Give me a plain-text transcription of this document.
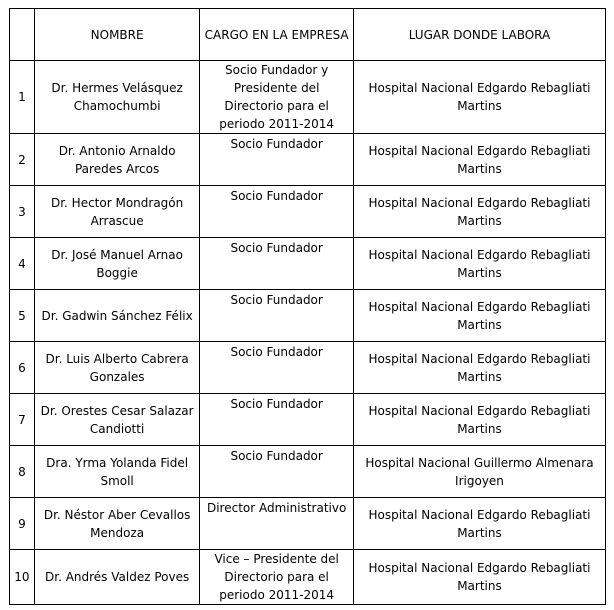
	NOMBRE	CARGO EN LA EMPRESA	LUGAR DONDE LABORA
1	Dr. Hermes Velásquez Chamochumbi	Socio Fundador y Presidente del Directorio para el periodo 2011-2014	Hospital Nacional Edgardo Rebagliati Martins
2	Dr. Antonio Arnaldo Paredes Arcos	Socio Fundador	Hospital Nacional Edgardo Rebagliati Martins
3	Dr. Hector Mondragón Arrascue	Socio Fundador	Hospital Nacional Edgardo Rebagliati Martins
4	Dr. José Manuel Arnao Boggie	Socio Fundador	Hospital Nacional Edgardo Rebagliati Martins
5	Dr. Gadwin Sánchez Félix	Socio Fundador	Hospital Nacional Edgardo Rebagliati Martins
6	Dr. Luis Alberto Cabrera Gonzales	Socio Fundador	Hospital Nacional Edgardo Rebagliati Martins
7	Dr. Orestes Cesar Salazar Candiotti	Socio Fundador	Hospital Nacional Edgardo Rebagliati Martins
8	Dra. Yrma Yolanda Fidel Smoll	Socio Fundador	Hospital Nacional Guillermo Almenara Irigoyen
9	Dr. Néstor Aber Cevallos Mendoza	Director Administrativo	Hospital Nacional Edgardo Rebagliati Martins
10	Dr. Andrés Valdez Poves	Vice – Presidente del Directorio para el periodo 2011-2014	Hospital Nacional Edgardo Rebagliati Martins
